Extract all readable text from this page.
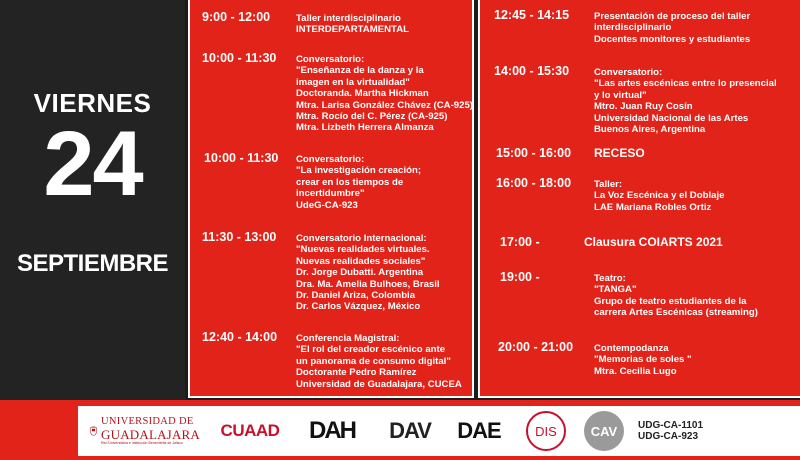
VIERNES
24
SEPTIEMBRE
9:00 - 12:00	Taller interdisciplinario
INTERDEPARTAMENTAL
10:00 - 11:30 Conversatorio:
"Enseñanza de la danza y la
imagen en la virtualidad"
Doctoranda. Martha Hickman
Mtra. Larisa González Chávez (CA-925)
Mtra. Rocío del C. Pérez (CA-925)
Mtra. Lizbeth Herrera Almanza
10:00 - 11:30 Conversatorio:
"La investigación creación;
crear en los tiempos de
incertidumbre"
UdeG-CA-923
11:30 - 13:00 Conversatorio Internacional:
"Nuevas realidades virtuales.
Nuevas realidades sociales"
Dr. Jorge Dubatti. Argentina
Dra. Ma. Amelia Bulhoes, Brasil
Dr. Daniel Ariza, Colombia
Dr. Carlos Vázquez, México
12:40 - 14:00 Conferencia Magistral:
"El rol del creador escénico ante
un panorama de consumo digital"
Doctorante Pedro Ramírez
Universidad de Guadalajara, CUCEA
12:45 - 14:15	Presentación de proceso del taller
interdisciplinario
Docentes monitores y estudiantes
14:00 - 15:30	Conversatorio:
"Las artes escénicas entre lo presencial
y lo virtual"
Mtro. Juan Ruy Cosín
Universidad Nacional de las Artes
Buenos Aires, Argentina
15:00 - 16:00 RECESO
16:00 - 18:00 Taller:
La Voz Escénica y el Doblaje
LAE Mariana Robles Ortiz
17:00 -	Clausura COIARTS 2021
19:00 -	Teatro:
"TANGA"
Grupo de teatro estudiantes de la
carrera Artes Escénicas (streaming)
20:00 - 21:00 Contempodanza
"Memorias de soles "
Mtra. Cecilia Lugo
UNIVERSIDAD DE
GUADALAJARA
Red Universitaria e Institución Benemérita de Jalisco
CUAAD DAH DAV DAE	DIS	CAV UDG-CA-1101
UDG-CA-923
